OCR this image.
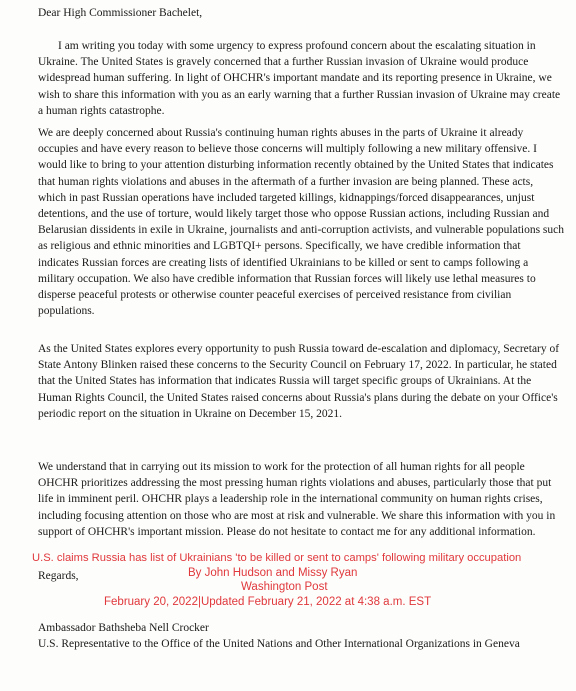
Dear High Commissioner Bachelet,

I am writing you today with some urgency to express profound concern about the escalating situation in Ukraine. The United States is gravely concerned that a further Russian invasion of Ukraine would produce widespread human suffering. In light of OHCHR's important mandate and its reporting presence in Ukraine, we wish to share this information with you as an early warning that a further Russian invasion of Ukraine may create a human rights catastrophe.

We are deeply concerned about Russia's continuing human rights abuses in the parts of Ukraine it already occupies and have every reason to believe those concerns will multiply following a new military offensive. I would like to bring to your attention disturbing information recently obtained by the United States that indicates that human rights violations and abuses in the aftermath of a further invasion are being planned. These acts, which in past Russian operations have included targeted killings, kidnappings/forced disappearances, unjust detentions, and the use of torture, would likely target those who oppose Russian actions, including Russian and Belarusian dissidents in exile in Ukraine, journalists and anti-corruption activists, and vulnerable populations such as religious and ethnic minorities and LGBTQI+ persons. Specifically, we have credible information that indicates Russian forces are creating lists of identified Ukrainians to be killed or sent to camps following a military occupation. We also have credible information that Russian forces will likely use lethal measures to disperse peaceful protests or otherwise counter peaceful exercises of perceived resistance from civilian populations.

As the United States explores every opportunity to push Russia toward de-escalation and diplomacy, Secretary of State Antony Blinken raised these concerns to the Security Council on February 17, 2022. In particular, he stated that the United States has information that indicates Russia will target specific groups of Ukrainians. At the Human Rights Council, the United States raised concerns about Russia's plans during the debate on your Office's periodic report on the situation in Ukraine on December 15, 2021.

We understand that in carrying out its mission to work for the protection of all human rights for all people OHCHR prioritizes addressing the most pressing human rights violations and abuses, particularly those that put life in imminent peril. OHCHR plays a leadership role in the international community on human rights crises, including focusing attention on those who are most at risk and vulnerable. We share this information with you in support of OHCHR's important mission. Please do not hesitate to contact me for any additional information.

Regards,

Ambassador Bathsheba Nell Crocker

U.S. Representative to the Office of the United Nations and Other International Organizations in Geneva

U.S. claims Russia has list of Ukrainians 'to be killed or sent to camps' following military occupation

By John Hudson and Missy Ryan

Washington Post

February 20, 2022|Updated February 21, 2022 at 4:38 a.m. EST
